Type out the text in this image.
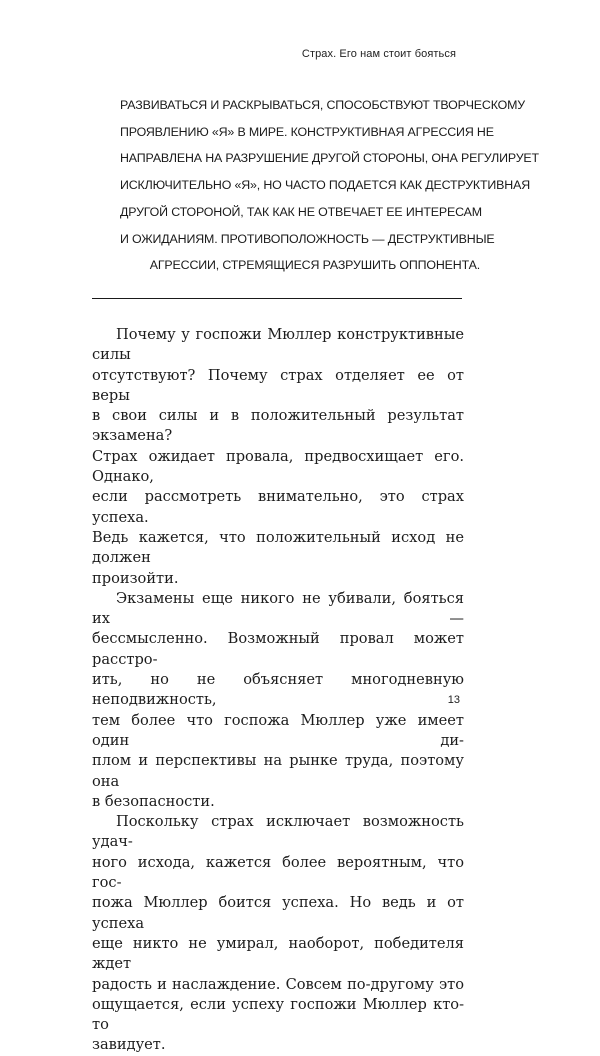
Страх. Его нам стоит бояться
РАЗВИВАТЬСЯ И РАСКРЫВАТЬСЯ, СПОСОБСТВУЮТ ТВОРЧЕСКОМУ
ПРОЯВЛЕНИЮ «Я» В МИРЕ. КОНСТРУКТИВНАЯ АГРЕССИЯ НЕ
НАПРАВЛЕНА НА РАЗРУШЕНИЕ ДРУГОЙ СТОРОНЫ, ОНА РЕГУЛИРУЕТ
ИСКЛЮЧИТЕЛЬНО «Я», НО ЧАСТО ПОДАЕТСЯ КАК ДЕСТРУКТИВНАЯ
ДРУГОЙ СТОРОНОЙ, ТАК КАК НЕ ОТВЕЧАЕТ ЕЕ ИНТЕРЕСАМ
И ОЖИДАНИЯМ. ПРОТИВОПОЛОЖНОСТЬ — ДЕСТРУКТИВНЫЕ
АГРЕССИИ, СТРЕМЯЩИЕСЯ РАЗРУШИТЬ ОППОНЕНТА.
Почему у госпожи Мюллер конструктивные силы
отсутствуют? Почему страх отделяет ее от веры
в свои силы и в положительный результат экзамена?
Страх ожидает провала, предвосхищает его. Однако,
если рассмотреть внимательно, это страх успеха.
Ведь кажется, что положительный исход не должен
произойти.
Экзамены еще никого не убивали, бояться их —
бессмысленно. Возможный провал может расстро-
ить, но не объясняет многодневную неподвижность,
тем более что госпожа Мюллер уже имеет один ди-
плом и перспективы на рынке труда, поэтому она
в безопасности.
Поскольку страх исключает возможность удач-
ного исхода, кажется более вероятным, что гос-
пожа Мюллер боится успеха. Но ведь и от успеха
еще никто не умирал, наоборот, победителя ждет
радость и наслаждение. Совсем по-другому это
ощущается, если успеху госпожи Мюллер кто-то
завидует.
13
